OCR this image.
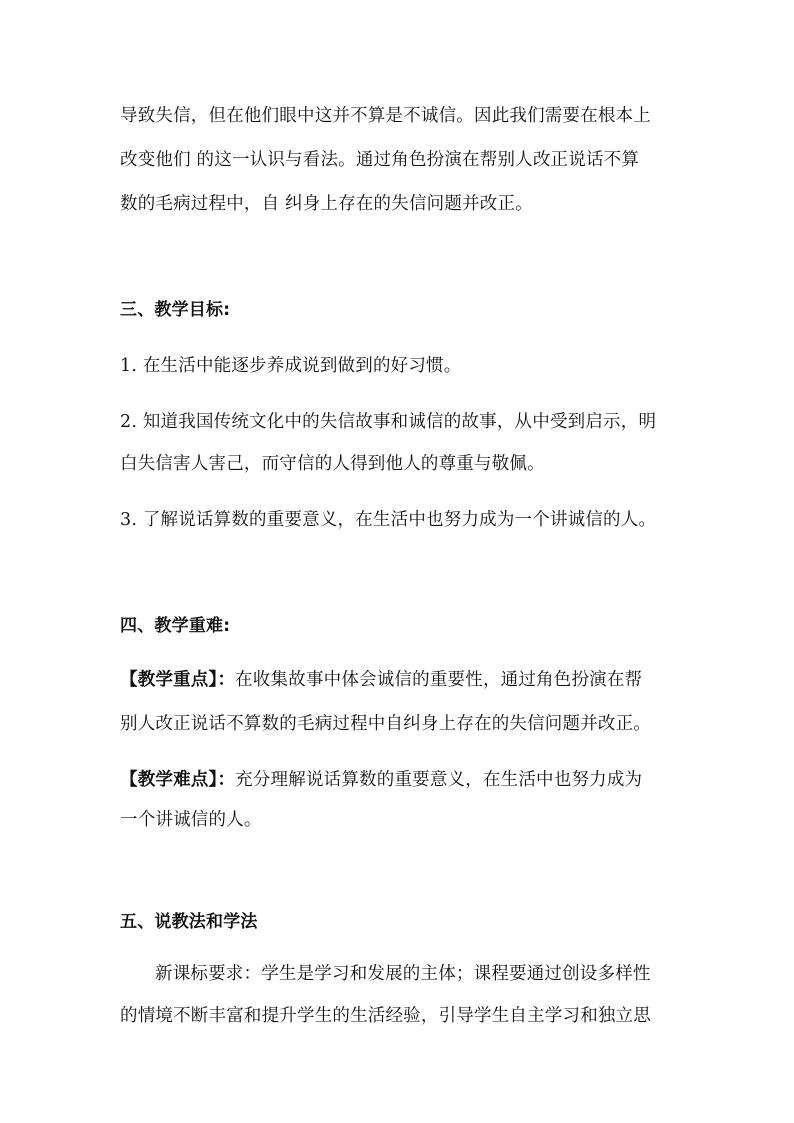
导致失信，但在他们眼中这并不算是不诚信。因此我们需要在根本上
改变他们 的这一认识与看法。通过角色扮演在帮别人改正说话不算
数的毛病过程中，自 纠身上存在的失信问题并改正。
三、教学目标:
1. 在生活中能逐步养成说到做到的好习惯。
2. 知道我国传统文化中的失信故事和诚信的故事，从中受到启示，明
白失信害人害己，而守信的人得到他人的尊重与敬佩。
3. 了解说话算数的重要意义，在生活中也努力成为一个讲诚信的人。
四、教学重难:
【教学重点】：在收集故事中体会诚信的重要性，通过角色扮演在帮
别人改正说话不算数的毛病过程中自纠身上存在的失信问题并改正。
【教学难点】：充分理解说话算数的重要意义，在生活中也努力成为
一个讲诚信的人。
五、说教法和学法
新课标要求：学生是学习和发展的主体；课程要通过创设多样性
的情境不断丰富和提升学生的生活经验，引导学生自主学习和独立思
